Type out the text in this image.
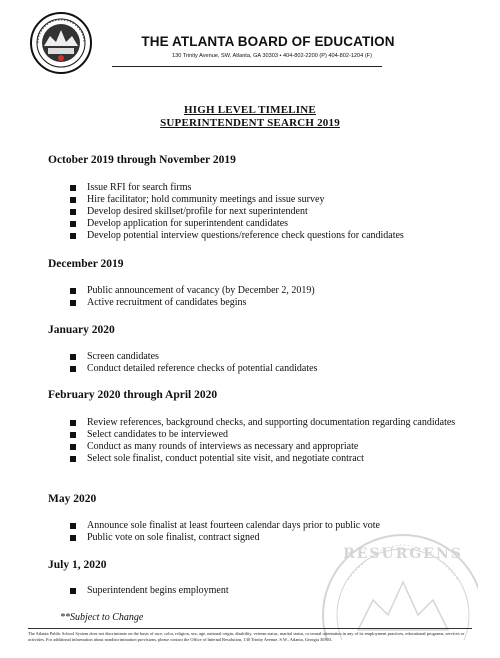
THE ATLANTA BOARD OF EDUCATION
130 Trinity Avenue, SW, Atlanta, GA 30303 • 404-802-2200 (P) 404-802-1204 (F)
HIGH LEVEL TIMELINE
SUPERINTENDENT SEARCH 2019
October 2019 through November 2019
Issue RFI for search firms
Hire facilitator; hold community meetings and issue survey
Develop desired skillset/profile for next superintendent
Develop application for superintendent candidates
Develop potential interview questions/reference check questions for candidates
December 2019
Public announcement of vacancy (by December 2, 2019)
Active recruitment of candidates begins
January 2020
Screen candidates
Conduct detailed reference checks of potential candidates
February 2020 through April 2020
Review references, background checks, and supporting documentation regarding candidates
Select candidates to be interviewed
Conduct as many rounds of interviews as necessary and appropriate
Select sole finalist, conduct potential site visit, and negotiate contract
May 2020
Announce sole finalist at least fourteen calendar days prior to public vote
Public vote on sole finalist, contract signed
July 1, 2020
Superintendent begins employment
**Subject to Change
RESURGENS
The Atlanta Public School System does not discriminate on the basis of race, color, religion, sex, age, national origin, disability, veteran status, marital status, or sexual orientation in any of its employment practices, educational programs, services or activities. For additional information about nondiscrimination provisions, please contact the Office of Internal Resolution, 130 Trinity Avenue, S.W., Atlanta, Georgia 30303.
